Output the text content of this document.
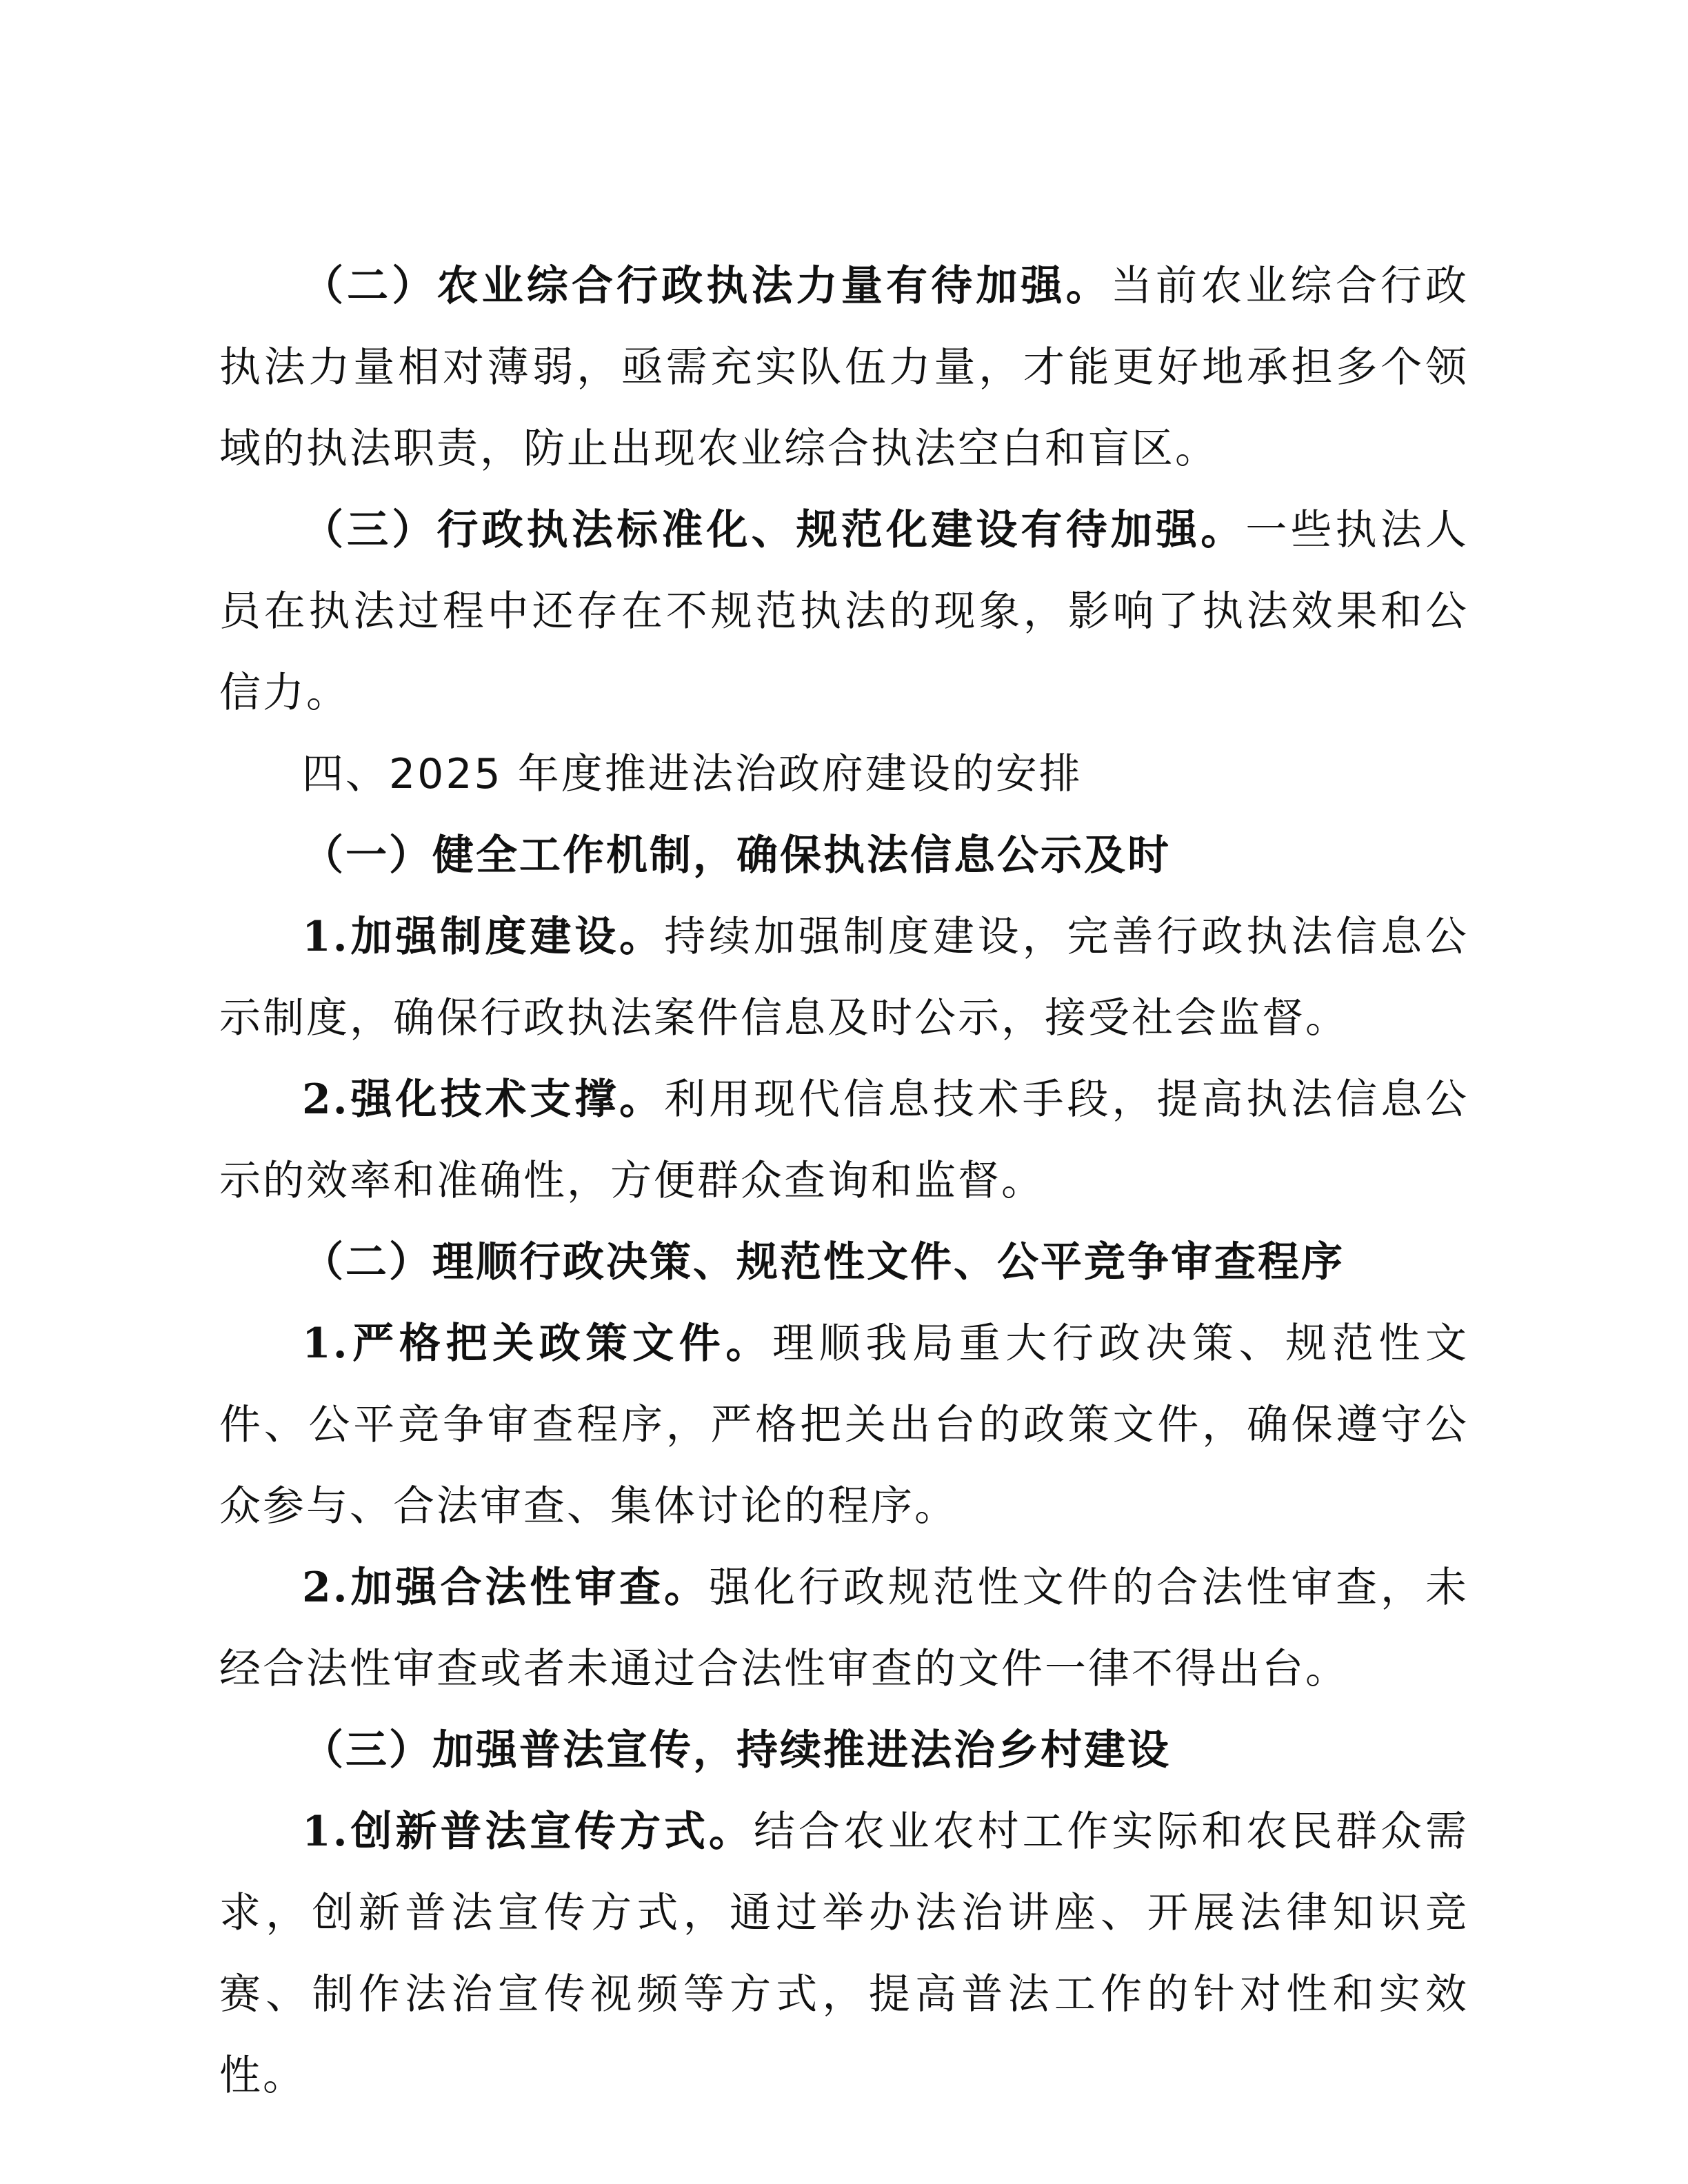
（二）农业综合行政执法力量有待加强。当前农业综合行政执法力量相对薄弱，亟需充实队伍力量，才能更好地承担多个领域的执法职责，防止出现农业综合执法空白和盲区。

（三）行政执法标准化、规范化建设有待加强。一些执法人员在执法过程中还存在不规范执法的现象，影响了执法效果和公信力。

四、2025 年度推进法治政府建设的安排

（一）健全工作机制，确保执法信息公示及时

1.加强制度建设。持续加强制度建设，完善行政执法信息公示制度，确保行政执法案件信息及时公示，接受社会监督。

2.强化技术支撑。利用现代信息技术手段，提高执法信息公示的效率和准确性，方便群众查询和监督。

（二）理顺行政决策、规范性文件、公平竞争审查程序

1.严格把关政策文件。理顺我局重大行政决策、规范性文件、公平竞争审查程序，严格把关出台的政策文件，确保遵守公众参与、合法审查、集体讨论的程序。

2.加强合法性审查。强化行政规范性文件的合法性审查，未经合法性审查或者未通过合法性审查的文件一律不得出台。

（三）加强普法宣传，持续推进法治乡村建设

1.创新普法宣传方式。结合农业农村工作实际和农民群众需求，创新普法宣传方式，通过举办法治讲座、开展法律知识竞赛、制作法治宣传视频等方式，提高普法工作的针对性和实效性。
